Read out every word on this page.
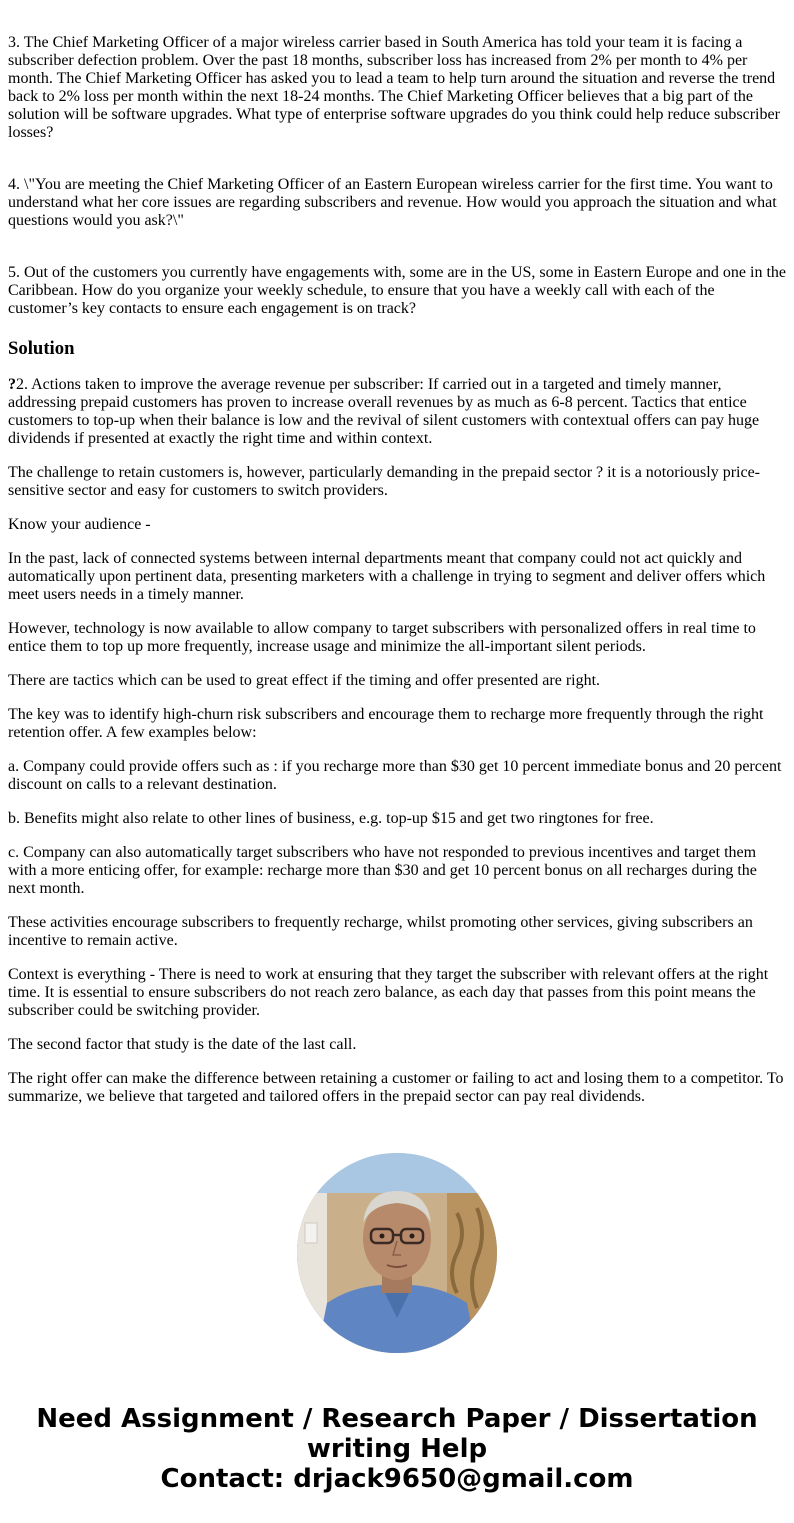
3. The Chief Marketing Officer of a major wireless carrier based in South America has told your team it is facing a subscriber defection problem. Over the past 18 months, subscriber loss has increased from 2% per month to 4% per month. The Chief Marketing Officer has asked you to lead a team to help turn around the situation and reverse the trend back to 2% loss per month within the next 18-24 months. The Chief Marketing Officer believes that a big part of the solution will be software upgrades. What type of enterprise software upgrades do you think could help reduce subscriber losses?

4. \"You are meeting the Chief Marketing Officer of an Eastern European wireless carrier for the first time. You want to understand what her core issues are regarding subscribers and revenue. How would you approach the situation and what questions would you ask?\"

5. Out of the customers you currently have engagements with, some are in the US, some in Eastern Europe and one in the Caribbean. How do you organize your weekly schedule, to ensure that you have a weekly call with each of the customer’s key contacts to ensure each engagement is on track?

Solution

?2. Actions taken to improve the average revenue per subscriber: If carried out in a targeted and timely manner, addressing prepaid customers has proven to increase overall revenues by as much as 6-8 percent. Tactics that entice customers to top-up when their balance is low and the revival of silent customers with contextual offers can pay huge dividends if presented at exactly the right time and within context.

The challenge to retain customers is, however, particularly demanding in the prepaid sector ? it is a notoriously price-sensitive sector and easy for customers to switch providers.

Know your audience -

In the past, lack of connected systems between internal departments meant that company could not act quickly and automatically upon pertinent data, presenting marketers with a challenge in trying to segment and deliver offers which meet users needs in a timely manner.

However, technology is now available to allow company to target subscribers with personalized offers in real time to entice them to top up more frequently, increase usage and minimize the all-important silent periods.

There are tactics which can be used to great effect if the timing and offer presented are right.

The key was to identify high-churn risk subscribers and encourage them to recharge more frequently through the right retention offer. A few examples below:

a. Company could provide offers such as : if you recharge more than $30 get 10 percent immediate bonus and 20 percent discount on calls to a relevant destination.

b. Benefits might also relate to other lines of business, e.g. top-up $15 and get two ringtones for free.

c. Company can also automatically target subscribers who have not responded to previous incentives and target them with a more enticing offer, for example: recharge more than $30 and get 10 percent bonus on all recharges during the next month.

These activities encourage subscribers to frequently recharge, whilst promoting other services, giving subscribers an incentive to remain active.

Context is everything - There is need to work at ensuring that they target the subscriber with relevant offers at the right time. It is essential to ensure subscribers do not reach zero balance, as each day that passes from this point means the subscriber could be switching provider.

The second factor that study is the date of the last call.

The right offer can make the difference between retaining a customer or failing to act and losing them to a competitor. To summarize, we believe that targeted and tailored offers in the prepaid sector can pay real dividends.

Need Assignment / Research Paper / Dissertation
writing Help
Contact: drjack9650@gmail.com
